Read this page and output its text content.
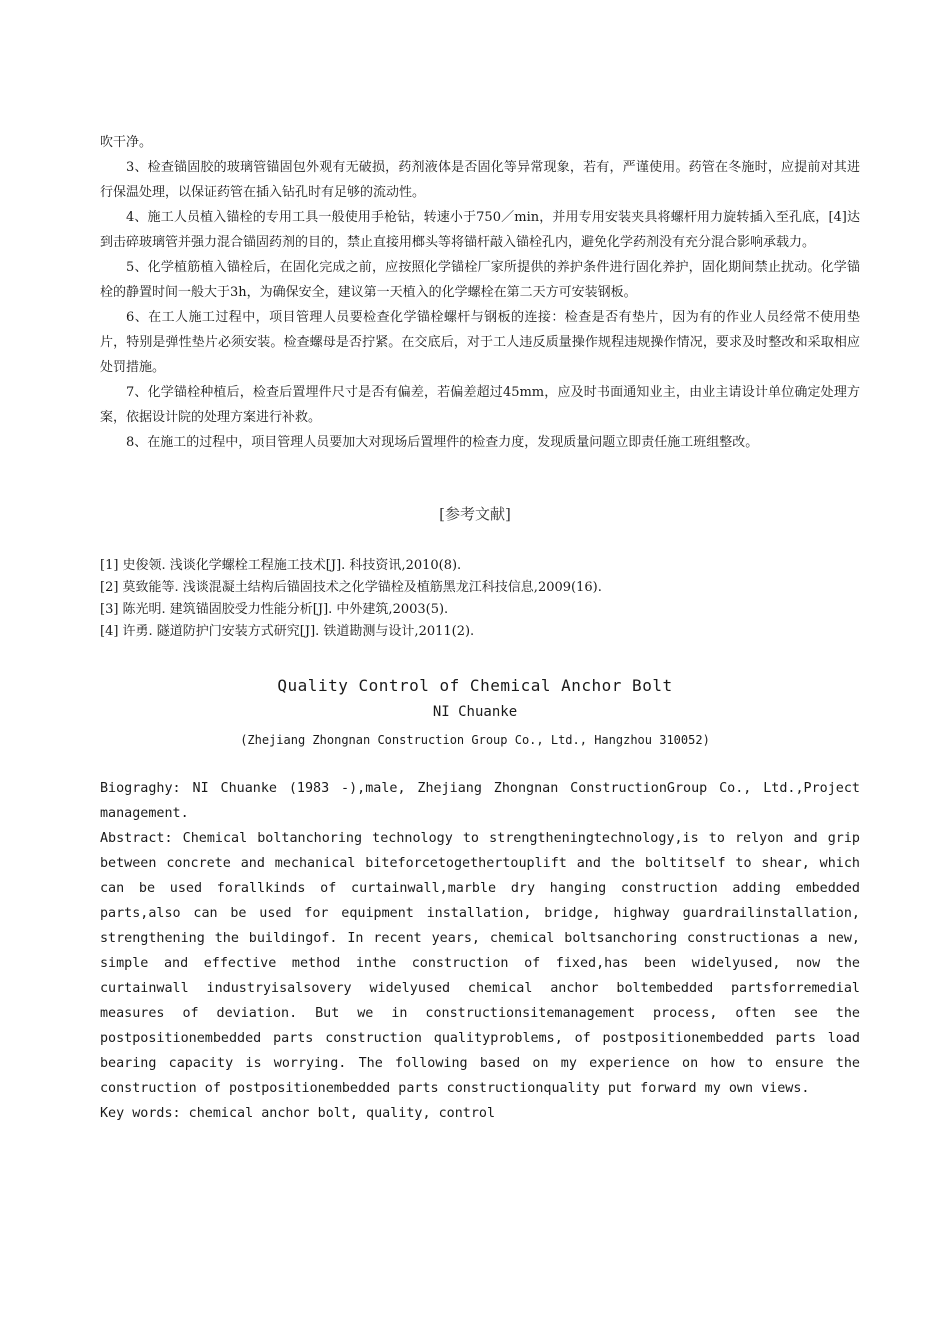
吹干净。

3、检查锚固胶的玻璃管锚固包外观有无破损，药剂液体是否固化等异常现象，若有，严谨使用。药管在冬施时，应提前对其进行保温处理，以保证药管在插入钻孔时有足够的流动性。

4、施工人员植入锚栓的专用工具一般使用手枪钻，转速小于750／min，并用专用安装夹具将螺杆用力旋转插入至孔底，[4]达到击碎玻璃管并强力混合锚固药剂的目的，禁止直接用榔头等将锚杆敲入锚栓孔内，避免化学药剂没有充分混合影响承载力。

5、化学植筋植入锚栓后，在固化完成之前，应按照化学锚栓厂家所提供的养护条件进行固化养护，固化期间禁止扰动。化学锚栓的静置时间一般大于3h，为确保安全，建议第一天植入的化学螺栓在第二天方可安装钢板。

6、在工人施工过程中，项目管理人员要检查化学锚栓螺杆与钢板的连接：检查是否有垫片，因为有的作业人员经常不使用垫片，特别是弹性垫片必须安装。检查螺母是否拧紧。在交底后，对于工人违反质量操作规程违规操作情况，要求及时整改和采取相应处罚措施。

7、化学锚栓种植后，检查后置埋件尺寸是否有偏差，若偏差超过45mm，应及时书面通知业主，由业主请设计单位确定处理方案，依据设计院的处理方案进行补救。

8、在施工的过程中，项目管理人员要加大对现场后置埋件的检查力度，发现质量问题立即责任施工班组整改。

[参考文献]

[1] 史俊领. 浅谈化学螺栓工程施工技术[J]. 科技资讯,2010(8).

[2] 莫致能等. 浅谈混凝土结构后锚固技术之化学锚栓及植筋黑龙江科技信息,2009(16).

[3] 陈光明. 建筑锚固胶受力性能分析[J]. 中外建筑,2003(5).

[4] 许勇. 隧道防护门安装方式研究[J]. 铁道勘测与设计,2011(2).

Quality Control of Chemical Anchor Bolt
NI Chuanke
(Zhejiang Zhongnan Construction Group Co., Ltd., Hangzhou 310052)

Biograghy: NI Chuanke (1983 -),male, Zhejiang Zhongnan ConstructionGroup Co., Ltd.,Project management.

Abstract: Chemical boltanchoring technology to strengtheningtechnology,is to relyon and grip between concrete and mechanical biteforcetogethertouplift and the boltitself to shear, which can be used forallkinds of curtainwall,marble dry hanging construction adding embedded parts,also can be used for equipment installation, bridge, highway guardrailinstallation, strengthening the buildingof. In recent years, chemical boltsanchoring constructionas a new, simple and effective method inthe construction of fixed,has been widelyused, now the curtainwall industryisalsovery widelyused chemical anchor boltembedded partsforremedial measures of deviation. But we in constructionsitemanagement process, often see the postpositionembedded parts construction qualityproblems, of postpositionembedded parts load bearing capacity is worrying. The following based on my experience on how to ensure the construction of postpositionembedded parts constructionquality put forward my own views.

Key words: chemical anchor bolt, quality, control
